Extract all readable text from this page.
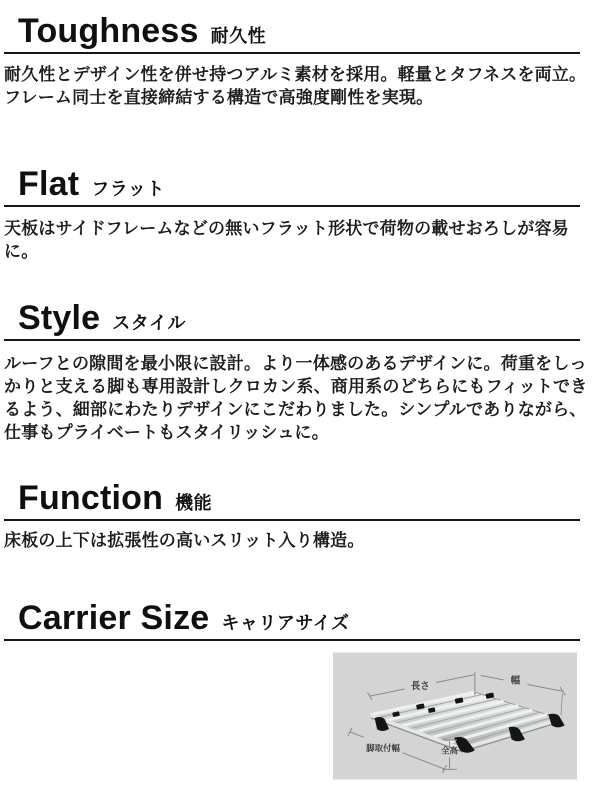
Toughness 耐久性
耐久性とデザイン性を併せ持つアルミ素材を採用。軽量とタフネスを両立。フレーム同士を直接締結する構造で高強度剛性を実現。
Flat フラット
天板はサイドフレームなどの無いフラット形状で荷物の載せおろしが容易に。
Style スタイル
ルーフとの隙間を最小限に設計。より一体感のあるデザインに。荷重をしっかりと支える脚も専用設計しクロカン系、商用系のどちらにもフィットできるよう、細部にわたりデザインにこだわりました。シンプルでありながら、仕事もプライベートもスタイリッシュに。
Function 機能
床板の上下は拡張性の高いスリット入り構造。
Carrier Size キャリアサイズ
長さ
幅
脚取付幅	全高
